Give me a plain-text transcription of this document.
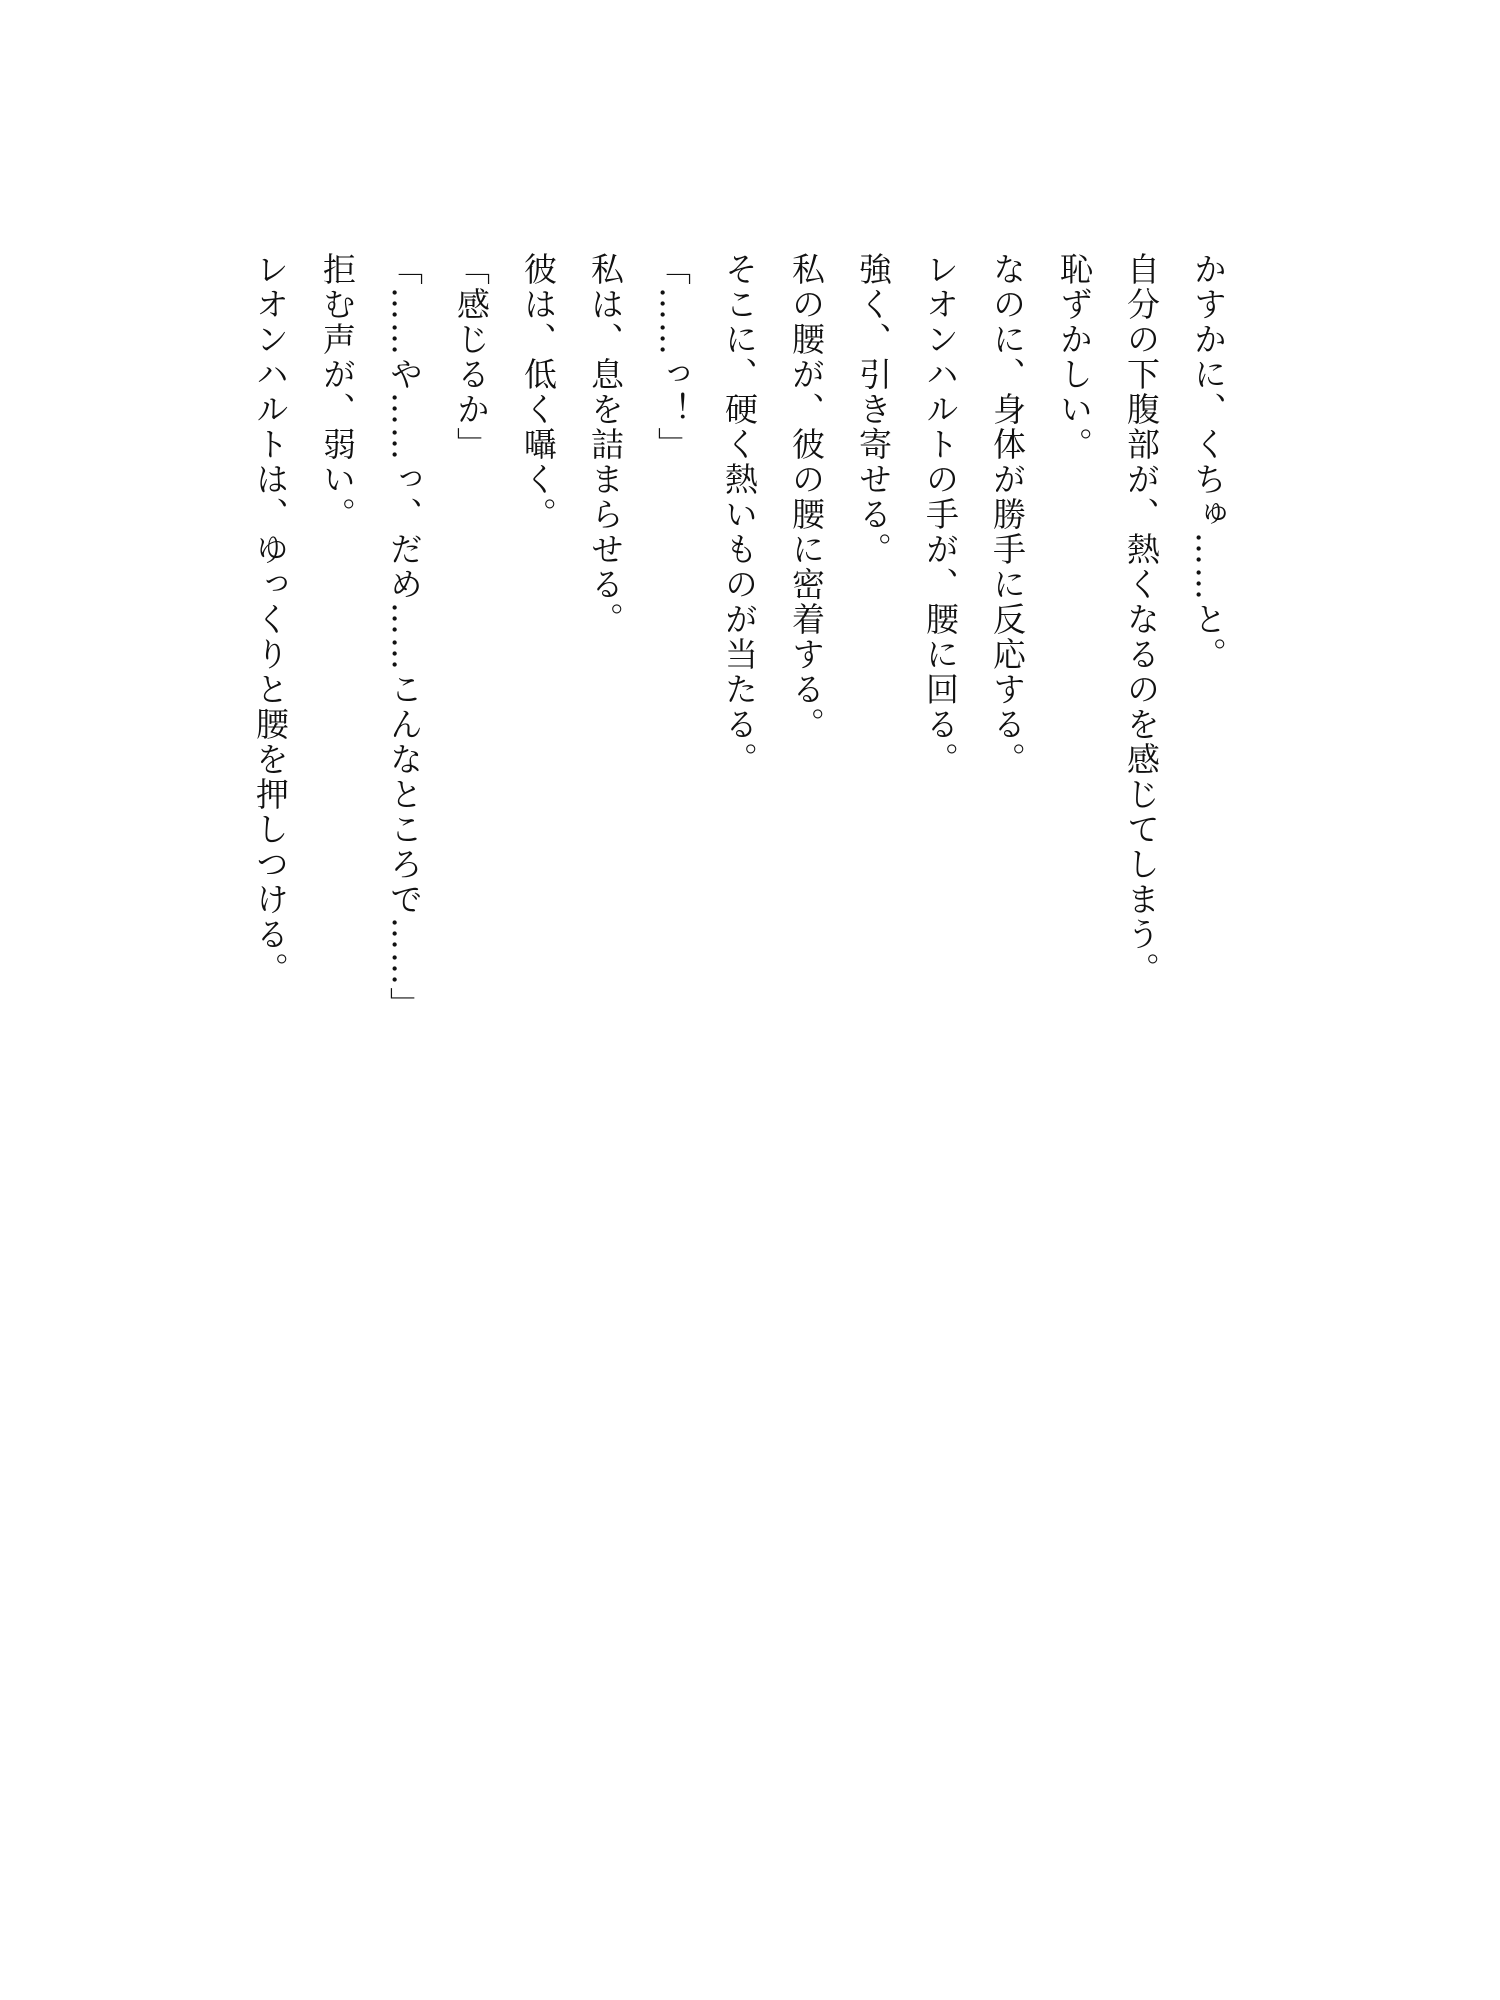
かすかに、くちゅ……と。
自分の下腹部が、熱くなるのを感じてしまう。
恥ずかしい。
なのに、身体が勝手に反応する。
レオンハルトの手が、腰に回る。
強く、引き寄せる。
私の腰が、彼の腰に密着する。
そこに、硬く熱いものが当たる。
「……っ！」
私は、息を詰まらせる。
彼は、低く囁く。
「感じるか」
「……や……っ、だめ……こんなところで……」
拒む声が、弱い。
レオンハルトは、ゆっくりと腰を押しつける。
